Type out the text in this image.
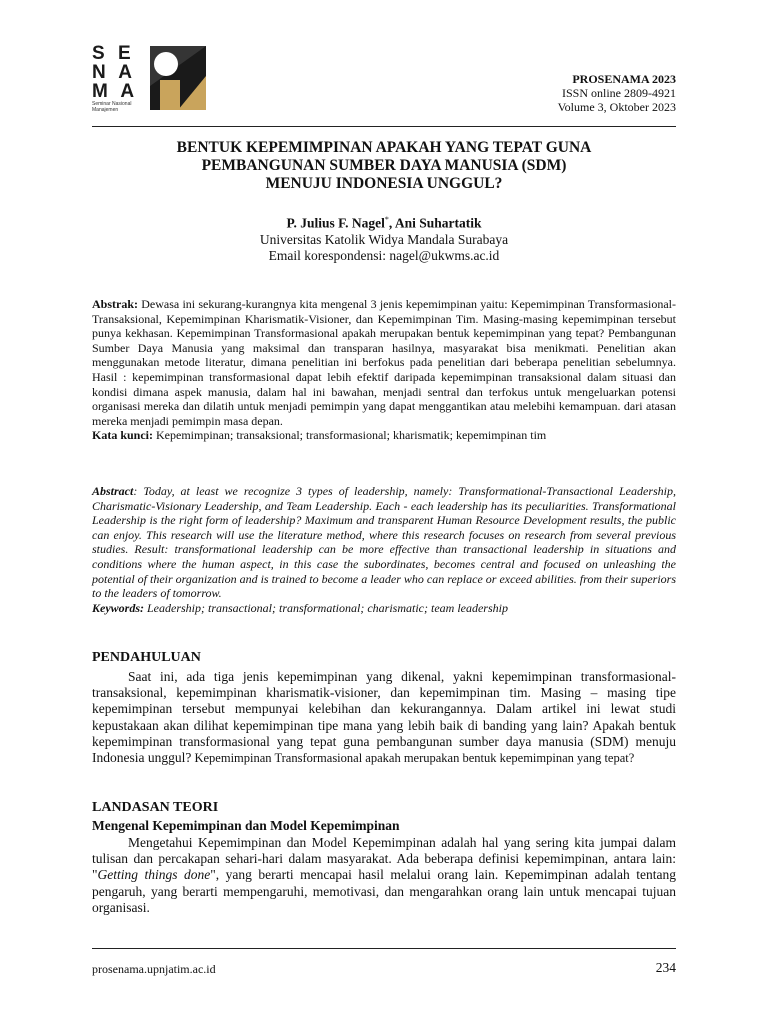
S E
N A
M A
Seminar Nasional Manajemen
PROSENAMA 2023
ISSN online 2809-4921
Volume 3, Oktober 2023
BENTUK KEPEMIMPINAN APAKAH YANG TEPAT GUNA
PEMBANGUNAN SUMBER DAYA MANUSIA (SDM)
MENUJU INDONESIA UNGGUL?
P. Julius F. Nagel*, Ani Suhartatik
Universitas Katolik Widya Mandala Surabaya
Email korespondensi: nagel@ukwms.ac.id

Abstrak: Dewasa ini sekurang-kurangnya kita mengenal 3 jenis kepemimpinan yaitu: Kepemimpinan Transformasional-Transaksional, Kepemimpinan Kharismatik-Visioner, dan Kepemimpinan Tim. Masing-masing kepemimpinan tersebut punya kekhasan. Kepemimpinan Transformasional apakah merupakan bentuk kepemimpinan yang tepat? Pembangunan Sumber Daya Manusia yang maksimal dan transparan hasilnya, masyarakat bisa menikmati. Penelitian akan menggunakan metode literatur, dimana penelitian ini berfokus pada penelitian dari beberapa penelitian sebelumnya. Hasil : kepemimpinan transformasional dapat lebih efektif daripada kepemimpinan transaksional dalam situasi dan kondisi dimana aspek manusia, dalam hal ini bawahan, menjadi sentral dan terfokus untuk mengeluarkan potensi organisasi mereka dan dilatih untuk menjadi pemimpin yang dapat menggantikan atau melebihi kemampuan. dari atasan mereka menjadi pemimpin masa depan.

Kata kunci: Kepemimpinan; transaksional; transformasional; kharismatik; kepemimpinan tim

Abstract: Today, at least we recognize 3 types of leadership, namely: Transformational-Transactional Leadership, Charismatic-Visionary Leadership, and Team Leadership. Each - each leadership has its peculiarities. Transformational Leadership is the right form of leadership? Maximum and transparent Human Resource Development results, the public can enjoy. This research will use the literature method, where this research focuses on research from several previous studies. Result: transformational leadership can be more effective than transactional leadership in situations and conditions where the human aspect, in this case the subordinates, becomes central and focused on unleashing the potential of their organization and is trained to become a leader who can replace or exceed abilities. from their superiors to the leaders of tomorrow.

Keywords: Leadership; transactional; transformational; charismatic; team leadership

PENDAHULUAN

Saat ini, ada tiga jenis kepemimpinan yang dikenal, yakni kepemimpinan transformasional-transaksional, kepemimpinan kharismatik-visioner, dan kepemimpinan tim. Masing – masing tipe kepemimpinan tersebut mempunyai kelebihan dan kekurangannya. Dalam artikel ini lewat studi kepustakaan akan dilihat kepemimpinan tipe mana yang lebih baik di banding yang lain? Apakah bentuk kepemimpinan transformasional yang tepat guna pembangunan sumber daya manusia (SDM) menuju Indonesia unggul? Kepemimpinan Transformasional apakah merupakan bentuk kepemimpinan yang tepat?

LANDASAN TEORI
Mengenal Kepemimpinan dan Model Kepemimpinan

Mengetahui Kepemimpinan dan Model Kepemimpinan adalah hal yang sering kita jumpai dalam tulisan dan percakapan sehari-hari dalam masyarakat. Ada beberapa definisi kepemimpinan, antara lain: "Getting things done", yang berarti mencapai hasil melalui orang lain. Kepemimpinan adalah tentang pengaruh, yang berarti mempengaruhi, memotivasi, dan mengarahkan orang lain untuk mencapai tujuan organisasi.

prosenama.upnjatim.ac.id	234
